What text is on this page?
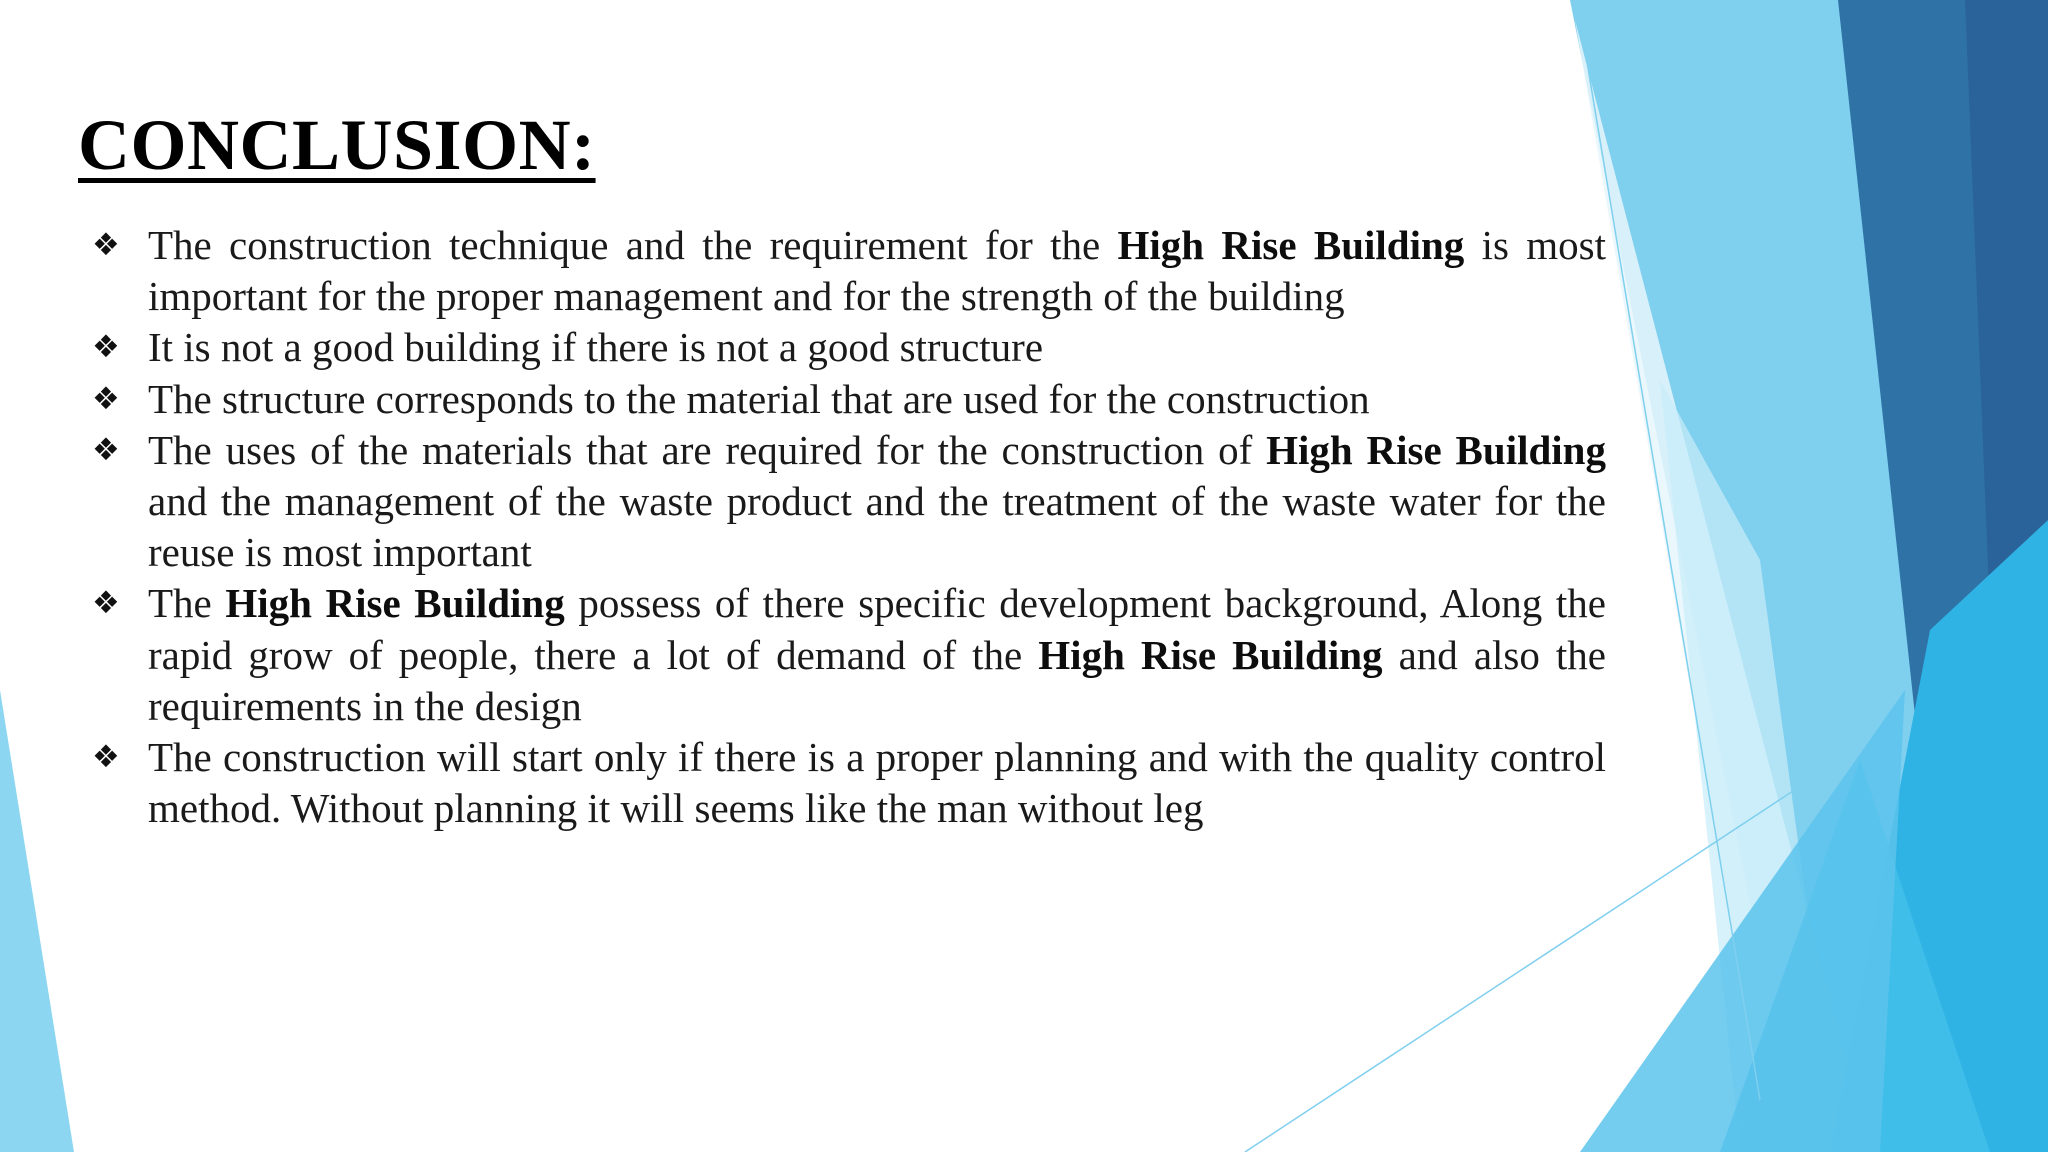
CONCLUSION:
❖ The construction technique and the requirement for the High Rise Building is most important for the proper management and for the strength of the building
❖ It is not a good building if there is not a good structure
❖ The structure corresponds to the material that are used for the construction
❖ The uses of the materials that are required for the construction of High Rise Building and the management of the waste product and the treatment of the waste water for the reuse is most important
❖ The High Rise Building possess of there specific development background, Along the rapid grow of people, there a lot of demand of the High Rise Building and also the requirements in the design
❖ The construction will start only if there is a proper planning and with the quality control method. Without planning it will seems like the man without leg
